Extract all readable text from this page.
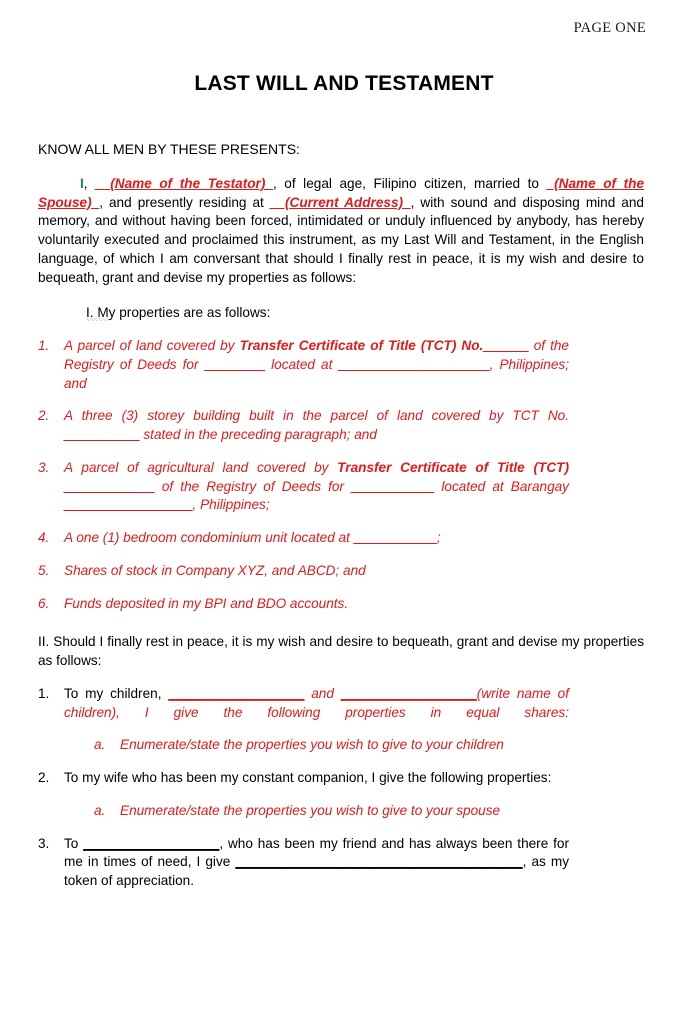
PAGE ONE
LAST WILL AND TESTAMENT

KNOW ALL MEN BY THESE PRESENTS:

I, __(Name of the Testator)_, of legal age, Filipino citizen, married to _(Name of the Spouse)_, and presently residing at __(Current Address)_, with sound and disposing mind and memory, and without having been forced, intimidated or unduly influenced by anybody, has hereby voluntarily executed and proclaimed this instrument, as my Last Will and Testament, in the English language, of which I am conversant that should I finally rest in peace, it is my wish and desire to bequeath, grant and devise my properties as follows:

I. My properties are as follows:

1. A parcel of land covered by Transfer Certificate of Title (TCT) No.______ of the Registry of Deeds for ________ located at ____________________, Philippines; and
2. A three (3) storey building built in the parcel of land covered by TCT No. __________ stated in the preceding paragraph; and
3. A parcel of agricultural land covered by Transfer Certificate of Title (TCT) ____________ of the Registry of Deeds for ___________ located at Barangay _________________, Philippines;
4. A one (1) bedroom condominium unit located at ___________;
5. Shares of stock in Company XYZ, and ABCD; and
6. Funds deposited in my BPI and BDO accounts.

II. Should I finally rest in peace, it is my wish and desire to bequeath, grant and devise my properties as follows:

1. To my children, __________________ and __________________(write name of children), I give the following properties in equal shares:
a. Enumerate/state the properties you wish to give to your children
2. To my wife who has been my constant companion, I give the following properties:
a. Enumerate/state the properties you wish to give to your spouse
3. To __________________, who has been my friend and has always been there for me in times of need, I give ______________________________________, as my token of appreciation.
